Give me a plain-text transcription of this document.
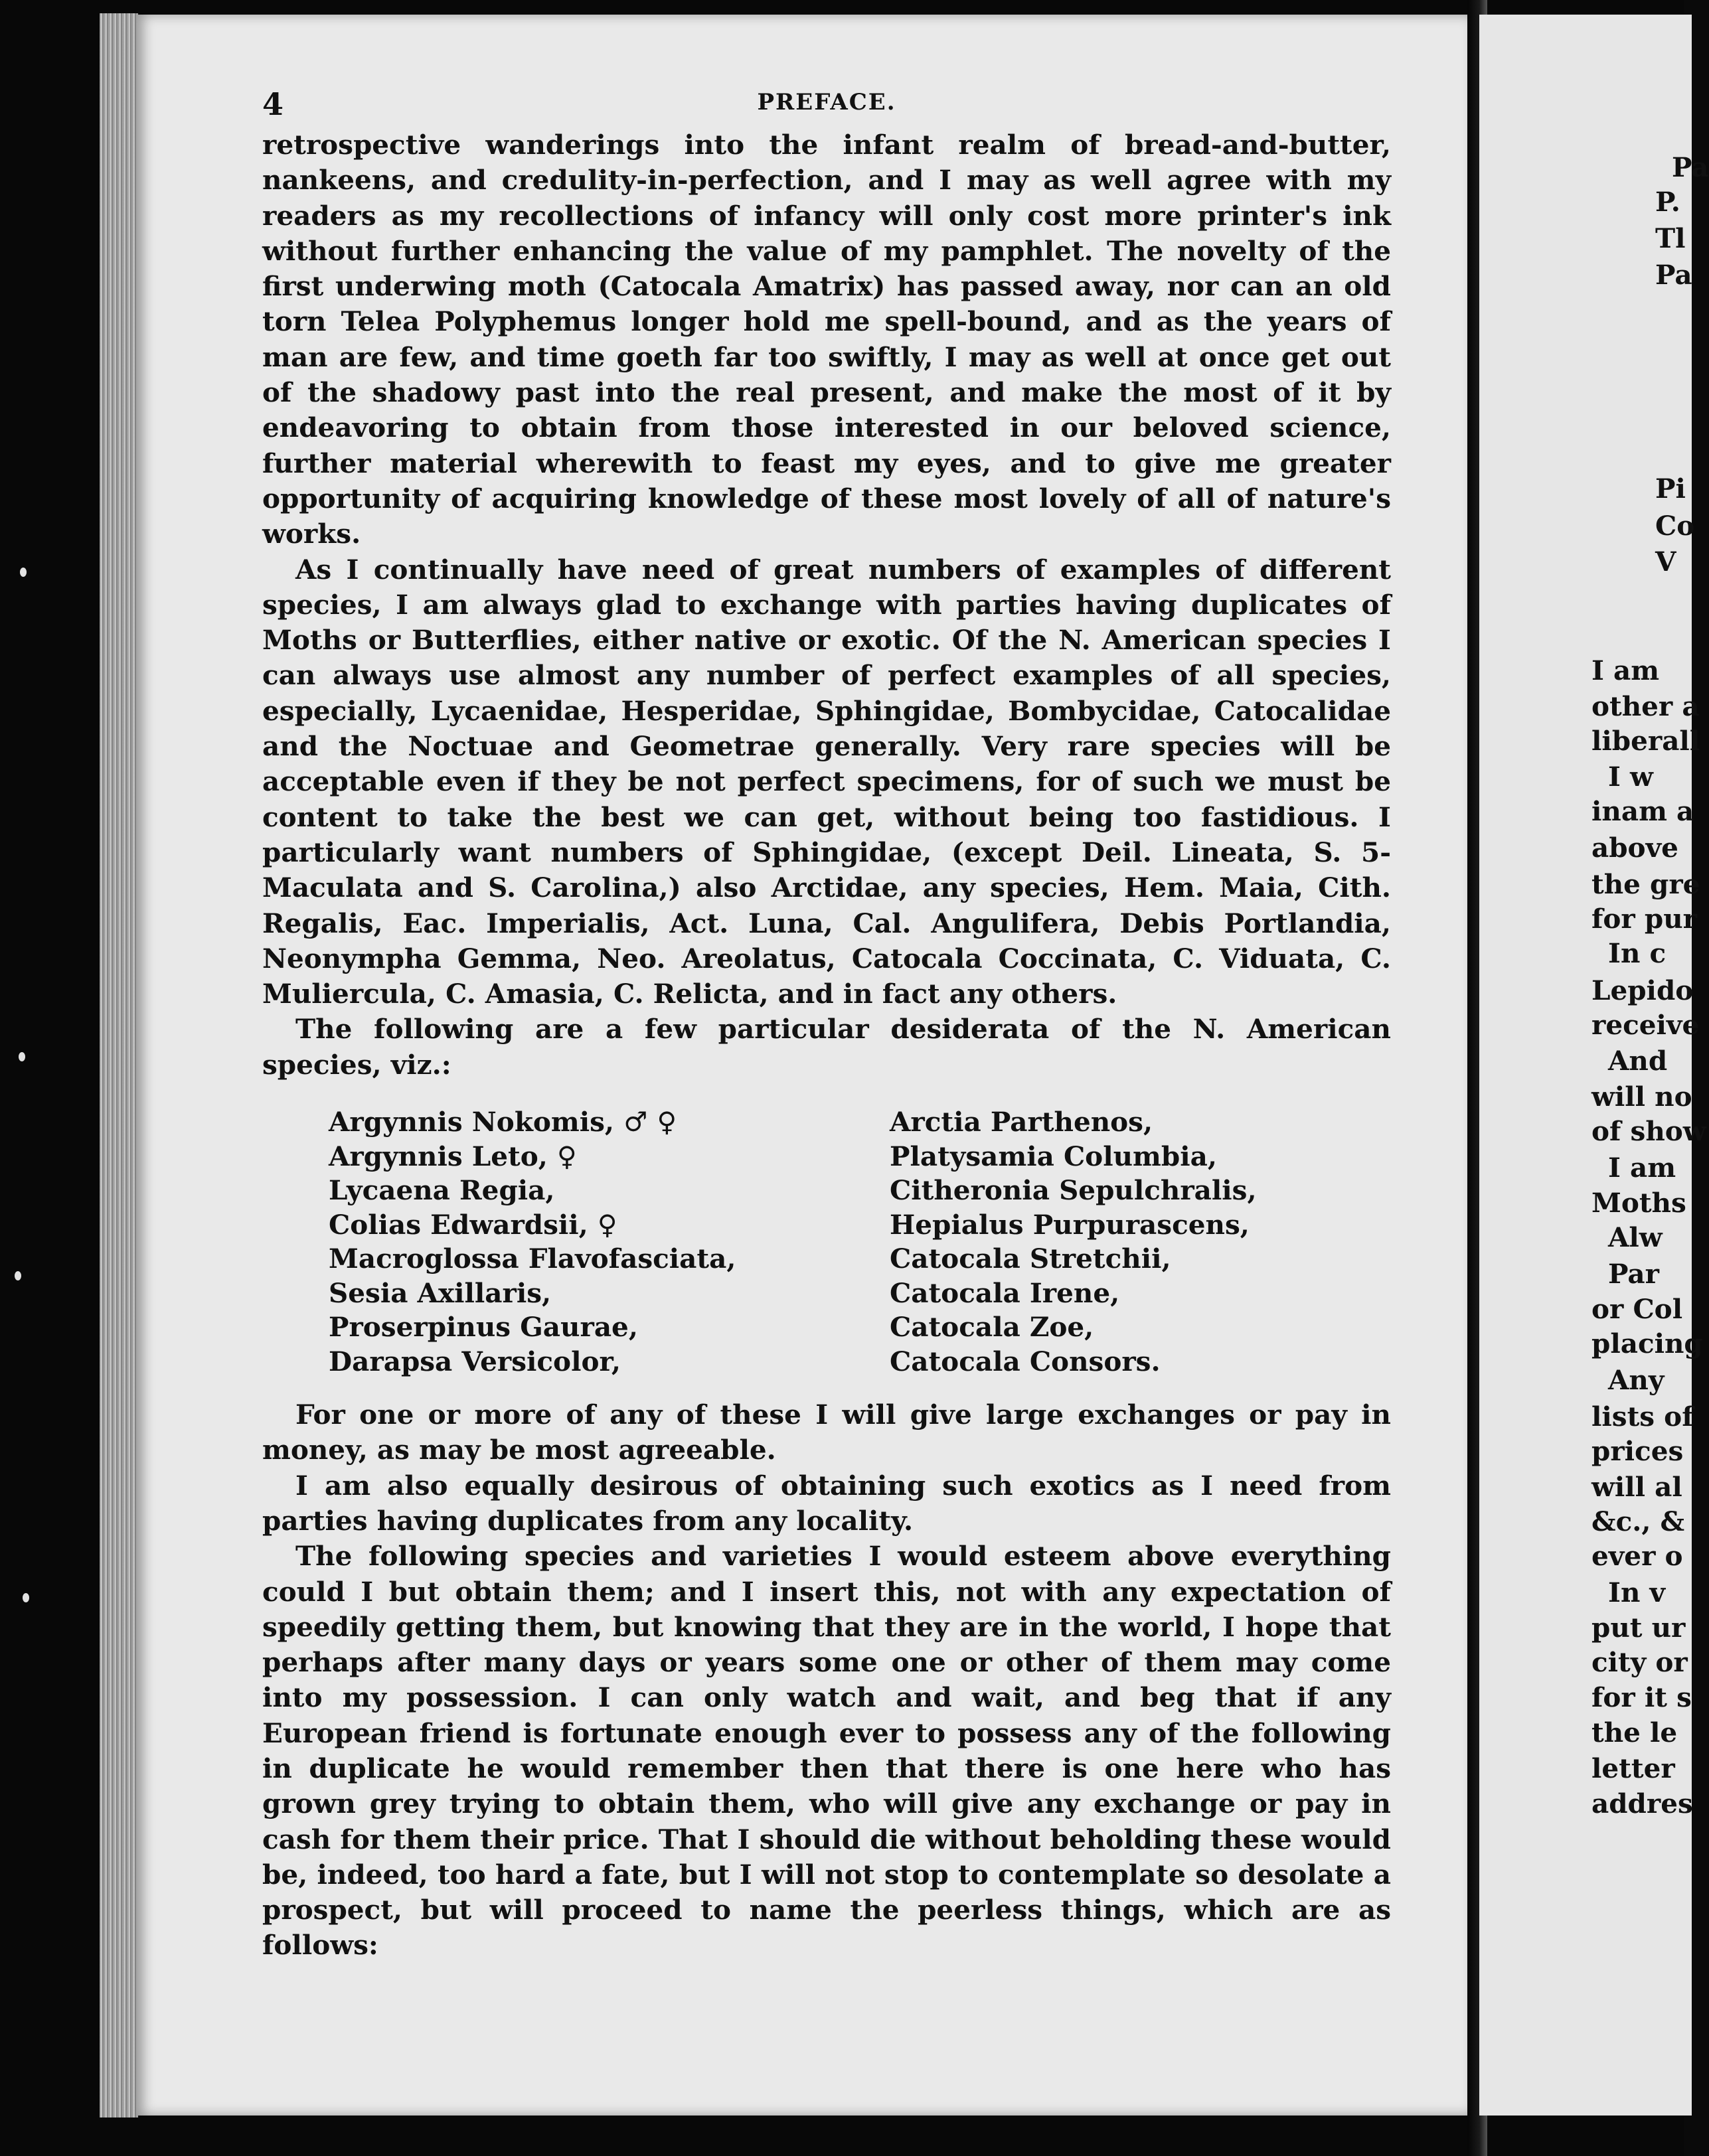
4	PREFACE.

retrospective wanderings into the infant realm of bread-and-butter, nankeens, and credulity-in-perfection, and I may as well agree with my readers as my recollections of infancy will only cost more printer's ink without further enhancing the value of my pamphlet. The novelty of the first underwing moth (Catocala Amatrix) has passed away, nor can an old torn Telea Polyphemus longer hold me spell-bound, and as the years of man are few, and time goeth far too swiftly, I may as well at once get out of the shadowy past into the real present, and make the most of it by endeavoring to obtain from those interested in our beloved science, further material wherewith to feast my eyes, and to give me greater opportunity of acquiring knowledge of these most lovely of all of nature's works.

As I continually have need of great numbers of examples of different species, I am always glad to exchange with parties having duplicates of Moths or Butterflies, either native or exotic. Of the N. American species I can always use almost any number of perfect examples of all species, especially, Lycaenidae, Hesperidae, Sphingidae, Bombycidae, Catocalidae and the Noctuae and Geometrae generally. Very rare species will be acceptable even if they be not perfect specimens, for of such we must be content to take the best we can get, without being too fastidious. I particularly want numbers of Sphingidae, (except Deil. Lineata, S. 5-Maculata and S. Carolina,) also Arctidae, any species, Hem. Maia, Cith. Regalis, Eac. Imperialis, Act. Luna, Cal. Angulifera, Debis Portlandia, Neonympha Gemma, Neo. Areolatus, Catocala Coccinata, C. Viduata, C. Muliercula, C. Amasia, C. Relicta, and in fact any others.

The following are a few particular desiderata of the N. American species, viz.:

Argynnis Nokomis, ♂ ♀
Argynnis Leto, ♀
Lycaena Regia,
Colias Edwardsii, ♀
Macroglossa Flavofasciata,
Sesia Axillaris,
Proserpinus Gaurae,
Darapsa Versicolor,
Arctia Parthenos,
Platysamia Columbia,
Citheronia Sepulchralis,
Hepialus Purpurascens,
Catocala Stretchii,
Catocala Irene,
Catocala Zoe,
Catocala Consors.

For one or more of any of these I will give large exchanges or pay in money, as may be most agreeable.

I am also equally desirous of obtaining such exotics as I need from parties having duplicates from any locality.

The following species and varieties I would esteem above everything could I but obtain them; and I insert this, not with any expectation of speedily getting them, but knowing that they are in the world, I hope that perhaps after many days or years some one or other of them may come into my possession. I can only watch and wait, and beg that if any European friend is fortunate enough ever to possess any of the following in duplicate he would remember then that there is one here who has grown grey trying to obtain them, who will give any exchange or pay in cash for them their price. That I should die without beholding these would be, indeed, too hard a fate, but I will not stop to contemplate so desolate a prospect, but will proceed to name the peerless things, which are as follows:

Pa
P.
Tl
Pa
Pi
Co
V
I am
other a
liberall
I w
inam a
above
the gre
for pur
In c
Lepido
receive
And
will no
of show
I am
Moths
Alw
Par
or Col
placing
Any
lists of
prices
will al
&c., &
ever o
In v
put ur
city or
for it s
the le
letter
addres
